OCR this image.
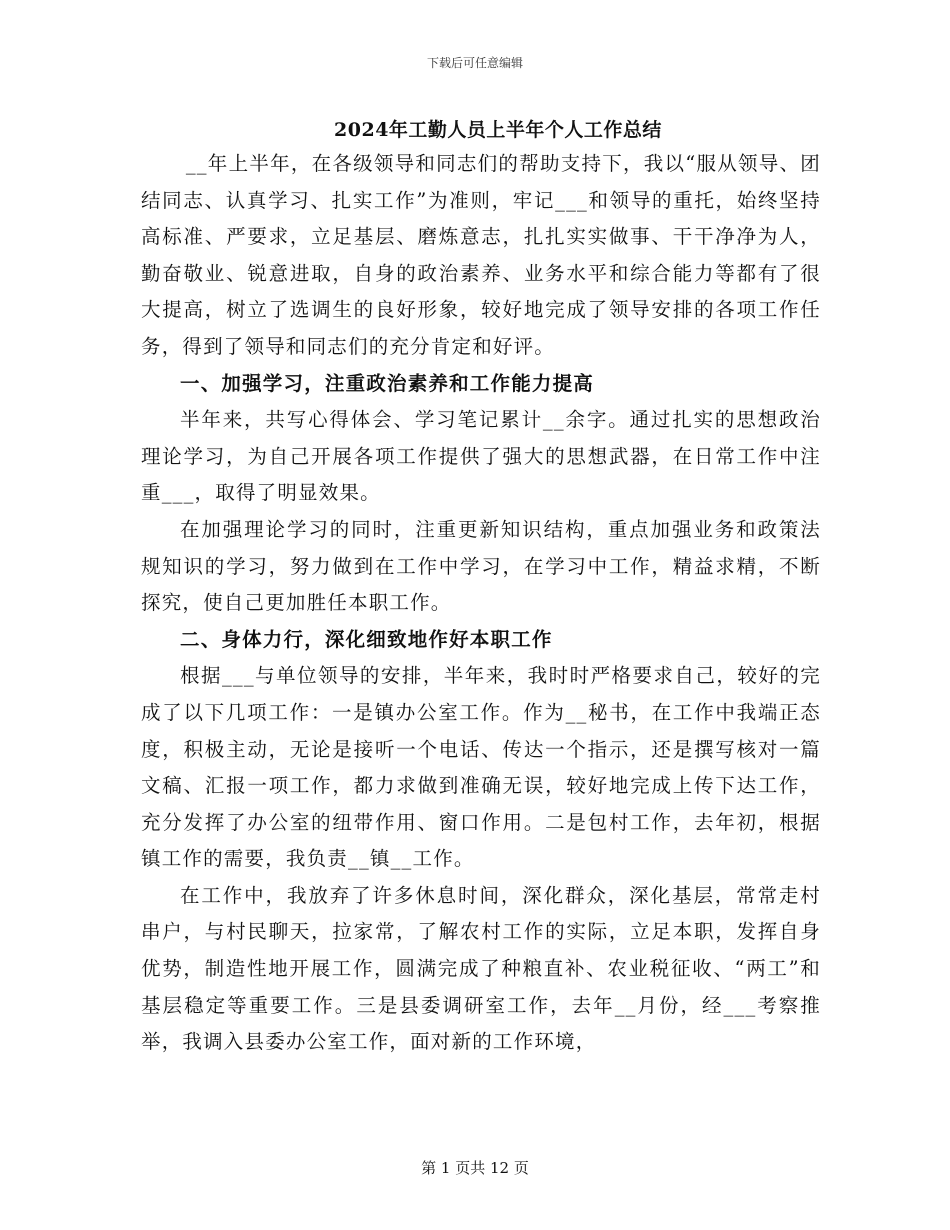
下载后可任意编辑
2024年工勤人员上半年个人工作总结

__年上半年，在各级领导和同志们的帮助支持下，我以“服从领导、团结同志、认真学习、扎实工作”为准则，牢记___和领导的重托，始终坚持高标准、严要求，立足基层、磨炼意志，扎扎实实做事、干干净净为人，勤奋敬业、锐意进取，自身的政治素养、业务水平和综合能力等都有了很大提高，树立了选调生的良好形象，较好地完成了领导安排的各项工作任务，得到了领导和同志们的充分肯定和好评。

一、加强学习，注重政治素养和工作能力提高

半年来，共写心得体会、学习笔记累计__余字。通过扎实的思想政治理论学习，为自己开展各项工作提供了强大的思想武器，在日常工作中注重___，取得了明显效果。

在加强理论学习的同时，注重更新知识结构，重点加强业务和政策法规知识的学习，努力做到在工作中学习，在学习中工作，精益求精，不断探究，使自己更加胜任本职工作。

二、身体力行，深化细致地作好本职工作

根据___与单位领导的安排，半年来，我时时严格要求自己，较好的完成了以下几项工作：一是镇办公室工作。作为__秘书，在工作中我端正态度，积极主动，无论是接听一个电话、传达一个指示，还是撰写核对一篇文稿、汇报一项工作，都力求做到准确无误，较好地完成上传下达工作，充分发挥了办公室的纽带作用、窗口作用。二是包村工作，去年初，根据镇工作的需要，我负责__镇__工作。

在工作中，我放弃了许多休息时间，深化群众，深化基层，常常走村串户，与村民聊天，拉家常，了解农村工作的实际，立足本职，发挥自身优势，制造性地开展工作，圆满完成了种粮直补、农业税征收、“两工”和基层稳定等重要工作。三是县委调研室工作，去年__月份，经___考察推举，我调入县委办公室工作，面对新的工作环境，

第 1 页共 12 页
